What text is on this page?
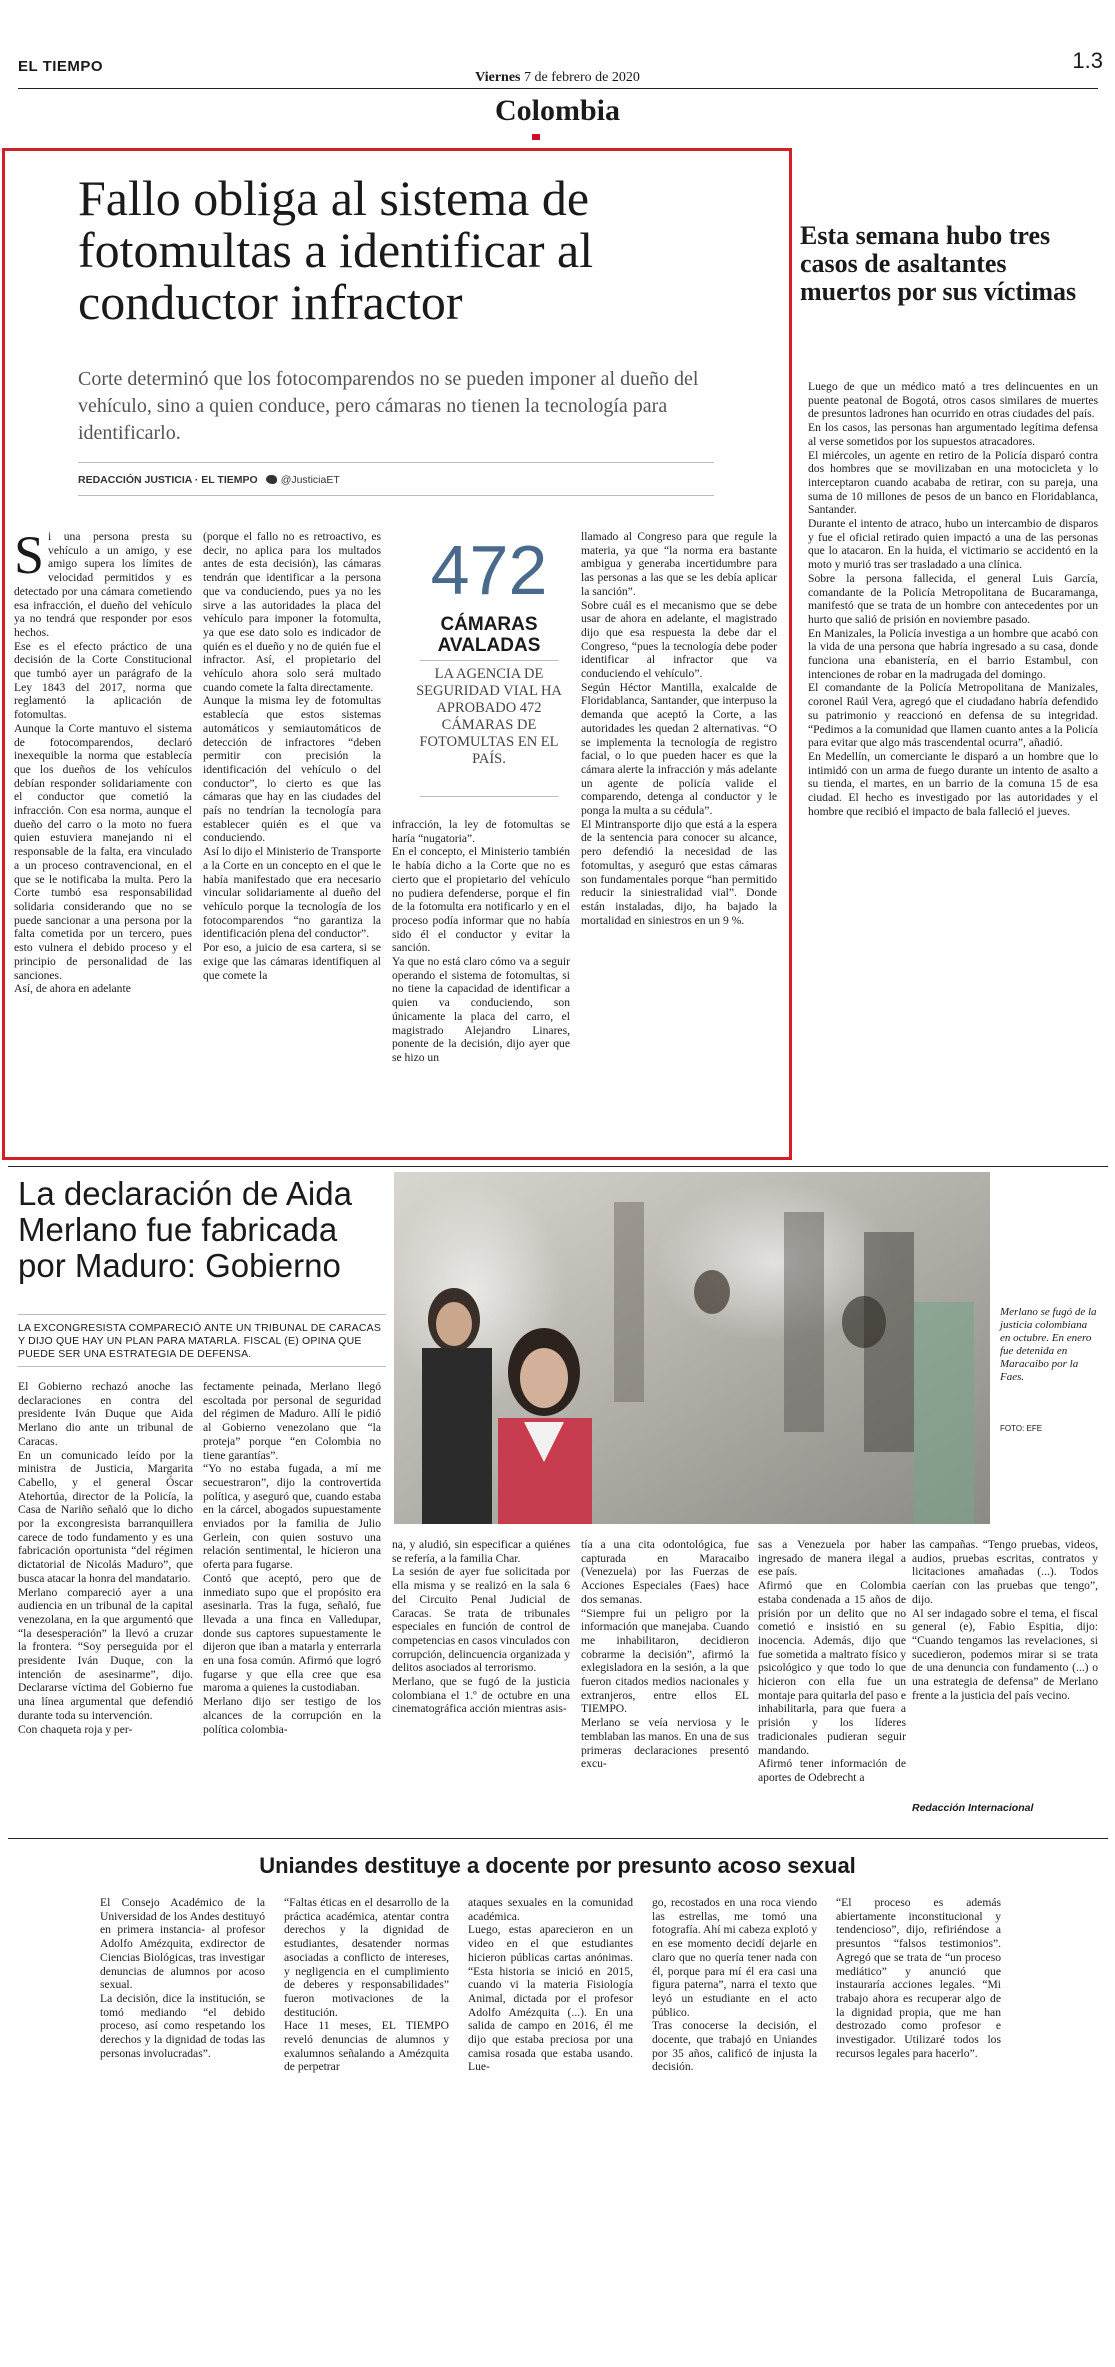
EL TIEMPO
Viernes 7 de febrero de 2020
1.3
Colombia
Fallo obliga al sistema de fotomultas a identificar al conductor infractor
Corte determinó que los fotocomparendos no se pueden imponer al dueño del vehículo, sino a quien conduce, pero cámaras no tienen la tecnología para identificarlo.
REDACCIÓN JUSTICIA · EL TIEMPO @JusticiaET
S i una persona presta su vehículo a un amigo, y ese amigo supera los límites de velocidad permitidos y es detectado por una cámara cometiendo esa infracción, el dueño del vehículo ya no tendrá que responder por esos hechos.

Ese es el efecto práctico de una decisión de la Corte Constitucional que tumbó ayer un parágrafo de la Ley 1843 del 2017, norma que reglamentó la aplicación de fotomultas.

Aunque la Corte mantuvo el sistema de fotocomparendos, declaró inexequible la norma que establecía que los dueños de los vehículos debían responder solidariamente con el conductor que cometió la infracción. Con esa norma, aunque el dueño del carro o la moto no fuera quien estuviera manejando ni el responsable de la falta, era vinculado a un proceso contravencional, en el que se le notificaba la multa. Pero la Corte tumbó esa responsabilidad solidaria considerando que no se puede sancionar a una persona por la falta cometida por un tercero, pues esto vulnera el debido proceso y el principio de personalidad de las sanciones.

Así, de ahora en adelante

(porque el fallo no es retroactivo, es decir, no aplica para los multados antes de esta decisión), las cámaras tendrán que identificar a la persona que va conduciendo, pues ya no les sirve a las autoridades la placa del vehículo para imponer la fotomulta, ya que ese dato solo es indicador de quién es el dueño y no de quién fue el infractor. Así, el propietario del vehículo ahora solo será multado cuando comete la falta directamente.

Aunque la misma ley de fotomultas establecía que estos sistemas automáticos y semiautomáticos de detección de infractores “deben permitir con precisión la identificación del vehículo o del conductor”, lo cierto es que las cámaras que hay en las ciudades del país no tendrían la tecnología para establecer quién es el que va conduciendo.

Así lo dijo el Ministerio de Transporte a la Corte en un concepto en el que le había manifestado que era necesario vincular solidariamente al dueño del vehículo porque la tecnología de los fotocomparendos “no garantiza la identificación plena del conductor”.

Por eso, a juicio de esa cartera, si se exige que las cámaras identifiquen al que comete la

472
CÁMARAS AVALADAS
LA AGENCIA DE SEGURIDAD VIAL HA APROBADO 472 CÁMARAS DE FOTOMULTAS EN EL PAÍS.

infracción, la ley de fotomultas se haría “nugatoria”.

En el concepto, el Ministerio también le había dicho a la Corte que no es cierto que el propietario del vehículo no pudiera defenderse, porque el fin de la fotomulta era notificarlo y en el proceso podía informar que no había sido él el conductor y evitar la sanción.

Ya que no está claro cómo va a seguir operando el sistema de fotomultas, si no tiene la capacidad de identificar a quien va conduciendo, son únicamente la placa del carro, el magistrado Alejandro Linares, ponente de la decisión, dijo ayer que se hizo un

llamado al Congreso para que regule la materia, ya que “la norma era bastante ambigua y generaba incertidumbre para las personas a las que se les debía aplicar la sanción”.

Sobre cuál es el mecanismo que se debe usar de ahora en adelante, el magistrado dijo que esa respuesta la debe dar el Congreso, “pues la tecnología debe poder identificar al infractor que va conduciendo el vehículo”.

Según Héctor Mantilla, exalcalde de Floridablanca, Santander, que interpuso la demanda que aceptó la Corte, a las autoridades les quedan 2 alternativas. “O se implementa la tecnología de registro facial, o lo que pueden hacer es que la cámara alerte la infracción y más adelante un agente de policía valide el comparendo, detenga al conductor y le ponga la multa a su cédula”.

El Mintransporte dijo que está a la espera de la sentencia para conocer su alcance, pero defendió la necesidad de las fotomultas, y aseguró que estas cámaras son fundamentales porque “han permitido reducir la siniestralidad vial”. Donde están instaladas, dijo, ha bajado la mortalidad en siniestros en un 9 %.

Esta semana hubo tres casos de asaltantes muertos por sus víctimas

Luego de que un médico mató a tres delincuentes en un puente peatonal de Bogotá, otros casos similares de muertes de presuntos ladrones han ocurrido en otras ciudades del país.

En los casos, las personas han argumentado legítima defensa al verse sometidos por los supuestos atracadores.

El miércoles, un agente en retiro de la Policía disparó contra dos hombres que se movilizaban en una motocicleta y lo interceptaron cuando acababa de retirar, con su pareja, una suma de 10 millones de pesos de un banco en Floridablanca, Santander.

Durante el intento de atraco, hubo un intercambio de disparos y fue el oficial retirado quien impactó a una de las personas que lo atacaron. En la huida, el victimario se accidentó en la moto y murió tras ser trasladado a una clínica.

Sobre la persona fallecida, el general Luis García, comandante de la Policía Metropolitana de Bucaramanga, manifestó que se trata de un hombre con antecedentes por un hurto que salió de prisión en noviembre pasado.

En Manizales, la Policía investiga a un hombre que acabó con la vida de una persona que habría ingresado a su casa, donde funciona una ebanistería, en el barrio Estambul, con intenciones de robar en la madrugada del domingo.

El comandante de la Policía Metropolitana de Manizales, coronel Raúl Vera, agregó que el ciudadano habría defendido su patrimonio y reaccionó en defensa de su integridad. “Pedimos a la comunidad que llamen cuanto antes a la Policía para evitar que algo más trascendental ocurra”, añadió.

En Medellín, un comerciante le disparó a un hombre que lo intimidó con un arma de fuego durante un intento de asalto a su tienda, el martes, en un barrio de la comuna 15 de esa ciudad. El hecho es investigado por las autoridades y el hombre que recibió el impacto de bala falleció el jueves.

La declaración de Aida Merlano fue fabricada por Maduro: Gobierno
LA EXCONGRESISTA COMPARECIÓ ANTE UN TRIBUNAL DE CARACAS Y DIJO QUE HAY UN PLAN PARA MATARLA. FISCAL (E) OPINA QUE PUEDE SER UNA ESTRATEGIA DE DEFENSA.
Merlano se fugó de la justicia colombiana en octubre. En enero fue detenida en Maracaibo por la Faes.
FOTO: EFE

El Gobierno rechazó anoche las declaraciones en contra del presidente Iván Duque que Aida Merlano dio ante un tribunal de Caracas.

En un comunicado leído por la ministra de Justicia, Margarita Cabello, y el general Óscar Atehortúa, director de la Policía, la Casa de Nariño señaló que lo dicho por la excongresista barranquillera carece de todo fundamento y es una fabricación oportunista “del régimen dictatorial de Nicolás Maduro”, que busca atacar la honra del mandatario.

Merlano compareció ayer a una audiencia en un tribunal de la capital venezolana, en la que argumentó que “la desesperación” la llevó a cruzar la frontera. “Soy perseguida por el presidente Iván Duque, con la intención de asesinarme”, dijo. Declararse víctima del Gobierno fue una línea argumental que defendió durante toda su intervención.

Con chaqueta roja y per-

fectamente peinada, Merlano llegó escoltada por personal de seguridad del régimen de Maduro. Allí le pidió al Gobierno venezolano que “la proteja” porque “en Colombia no tiene garantías”.

“Yo no estaba fugada, a mí me secuestraron”, dijo la controvertida política, y aseguró que, cuando estaba en la cárcel, abogados supuestamente enviados por la familia de Julio Gerlein, con quien sostuvo una relación sentimental, le hicieron una oferta para fugarse.

Contó que aceptó, pero que de inmediato supo que el propósito era asesinarla. Tras la fuga, señaló, fue llevada a una finca en Valledupar, donde sus captores supuestamente le dijeron que iban a matarla y enterrarla en una fosa común. Afirmó que logró fugarse y que ella cree que esa maroma a quienes la custodiaban.

Merlano dijo ser testigo de los alcances de la corrupción en la política colombia-

na, y aludió, sin especificar a quiénes se refería, a la familia Char.

La sesión de ayer fue solicitada por ella misma y se realizó en la sala 6 del Circuito Penal Judicial de Caracas. Se trata de tribunales especiales en función de control de competencias en casos vinculados con corrupción, delincuencia organizada y delitos asociados al terrorismo.

Merlano, que se fugó de la justicia colombiana el 1.º de octubre en una cinematográfica acción mientras asis-

tía a una cita odontológica, fue capturada en Maracaibo (Venezuela) por las Fuerzas de Acciones Especiales (Faes) hace dos semanas.

“Siempre fui un peligro por la información que manejaba. Cuando me inhabilitaron, decidieron cobrarme la decisión”, afirmó la exlegisladora en la sesión, a la que fueron citados medios nacionales y extranjeros, entre ellos EL TIEMPO.

Merlano se veía nerviosa y le temblaban las manos. En una de sus primeras declaraciones presentó excu-

sas a Venezuela por haber ingresado de manera ilegal a ese país.

Afirmó que en Colombia estaba condenada a 15 años de prisión por un delito que no cometió e insistió en su inocencia. Además, dijo que fue sometida a maltrato físico y psicológico y que todo lo que hicieron con ella fue un montaje para quitarla del paso e inhabilitarla, para que fuera a prisión y los líderes tradicionales pudieran seguir mandando.

Afirmó tener información de aportes de Odebrecht a

las campañas. “Tengo pruebas, videos, audios, pruebas escritas, contratos y licitaciones amañadas (...). Todos caerían con las pruebas que tengo”, dijo.

Al ser indagado sobre el tema, el fiscal general (e), Fabio Espitia, dijo: “Cuando tengamos las revelaciones, si sucedieron, podemos mirar si se trata de una denuncia con fundamento (...) o una estrategia de defensa” de Merlano frente a la justicia del país vecino.

Redacción Internacional
Uniandes destituye a docente por presunto acoso sexual

El Consejo Académico de la Universidad de los Andes destituyó en primera instancia- al profesor Adolfo Amézquita, exdirector de Ciencias Biológicas, tras investigar denuncias de alumnos por acoso sexual.

La decisión, dice la institución, se tomó mediando “el debido proceso, así como respetando los derechos y la dignidad de todas las personas involucradas”.

“Faltas éticas en el desarrollo de la práctica académica, atentar contra derechos y la dignidad de estudiantes, desatender normas asociadas a conflicto de intereses, y negligencia en el cumplimiento de deberes y responsabilidades” fueron motivaciones de la destitución.

Hace 11 meses, EL TIEMPO reveló denuncias de alumnos y exalumnos señalando a Amézquita de perpetrar

ataques sexuales en la comunidad académica.

Luego, estas aparecieron en un video en el que estudiantes hicieron públicas cartas anónimas. “Esta historia se inició en 2015, cuando vi la materia Fisiología Animal, dictada por el profesor Adolfo Amézquita (...). En una salida de campo en 2016, él me dijo que estaba preciosa por una camisa rosada que estaba usando. Lue-

go, recostados en una roca viendo las estrellas, me tomó una fotografía. Ahí mi cabeza explotó y en ese momento decidí dejarle en claro que no quería tener nada con él, porque para mí él era casi una figura paterna”, narra el texto que leyó un estudiante en el acto público.

Tras conocerse la decisión, el docente, que trabajó en Uniandes por 35 años, calificó de injusta la decisión.

“El proceso es además abiertamente inconstitucional y tendencioso”, dijo, refiriéndose a presuntos “falsos testimonios”. Agregó que se trata de “un proceso mediático” y anunció que instauraría acciones legales. “Mi trabajo ahora es recuperar algo de la dignidad propia, que me han destrozado como profesor e investigador. Utilizaré todos los recursos legales para hacerlo”.
